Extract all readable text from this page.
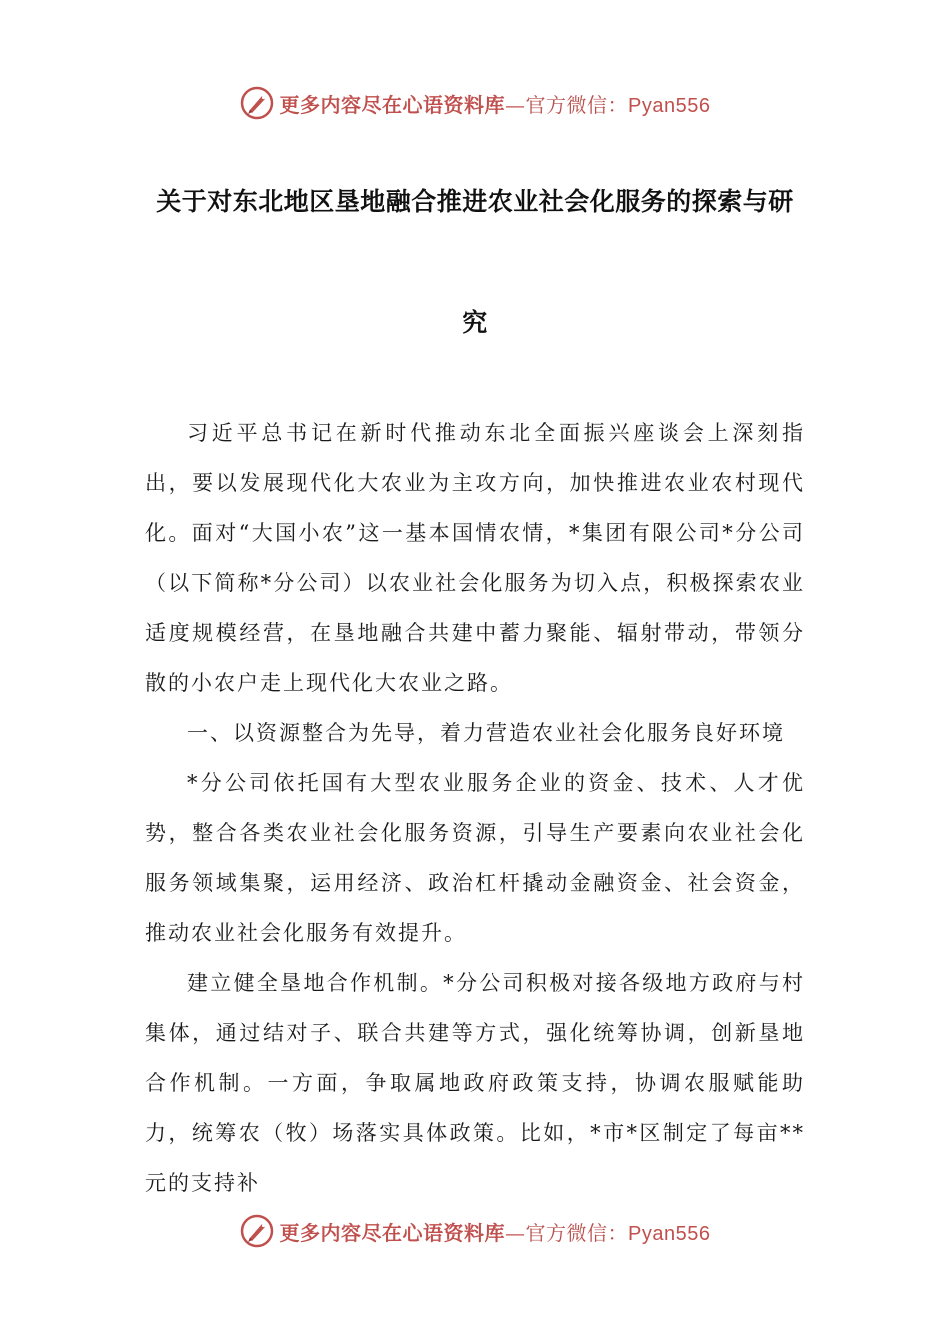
更多内容尽在心语资料库—官方微信：Pyan556
关于对东北地区垦地融合推进农业社会化服务的探索与研
究

习近平总书记在新时代推动东北全面振兴座谈会上深刻指出，要以发展现代化大农业为主攻方向，加快推进农业农村现代化。面对“大国小农”这一基本国情农情，*集团有限公司*分公司（以下简称*分公司）以农业社会化服务为切入点，积极探索农业适度规模经营，在垦地融合共建中蓄力聚能、辐射带动，带领分散的小农户走上现代化大农业之路。

一、以资源整合为先导，着力营造农业社会化服务良好环境

*分公司依托国有大型农业服务企业的资金、技术、人才优势，整合各类农业社会化服务资源，引导生产要素向农业社会化服务领域集聚，运用经济、政治杠杆撬动金融资金、社会资金，推动农业社会化服务有效提升。

建立健全垦地合作机制。*分公司积极对接各级地方政府与村集体，通过结对子、联合共建等方式，强化统筹协调，创新垦地合作机制。一方面，争取属地政府政策支持，协调农服赋能助力，统筹农（牧）场落实具体政策。比如，*市*区制定了每亩**元的支持补

更多内容尽在心语资料库—官方微信：Pyan556
